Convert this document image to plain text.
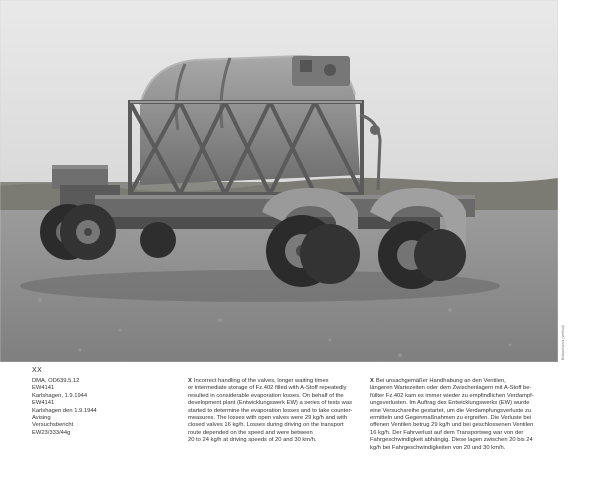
Bildnachweis (vertikal)
XX
DMA, OD639.5.12
EW4141
Karlshagen, 1.9.1944
EW4141
Karlshagen den 1.9.1944
Avising
Versuchsbericht
EW23/333/44g
X Incorrect handling of the valves, longer waiting times
or intermediate storage of Fz.402 filled with A-Stoff repeatedly
resulted in considerable evaporation losses. On behalf of the
development plant (Entwicklungswerk EW) a series of tests was
started to determine the evaporation losses and to take counter-
measures. The losses with open valves were 29 kg/h and with
closed valves 16 kg/h. Losses during driving on the transport
route depended on the speed and were between
20 to 24 kg/h at driving speeds of 20 and 30 km/h.
X Bei unsachgemäßer Handhabung an den Ventilen,
längeren Wartezeiten oder dem Zwischenlagern mit A-Stoff be-
füllter Fz.402 kam es immer wieder zu empfindlichen Verdampf-
ungsverlusten. Im Auftrag des Entwicklungswerks (EW) wurde
eine Versuchsreihe gestartet, um die Verdampfungsverluste zu
ermitteln und Gegenmaßnahmen zu ergreifen. Die Verluste bei
offenen Ventilen betrug 29 kg/h und bei geschlossenen Ventilen
16 kg/h. Der Fahrverlust auf dem Transportweg war von der
Fahrgeschwindigkeit abhängig. Diese lagen zwischen 20 bis 24
kg/h bei Fahrgeschwindigkeiten von 20 und 30 km/h.
